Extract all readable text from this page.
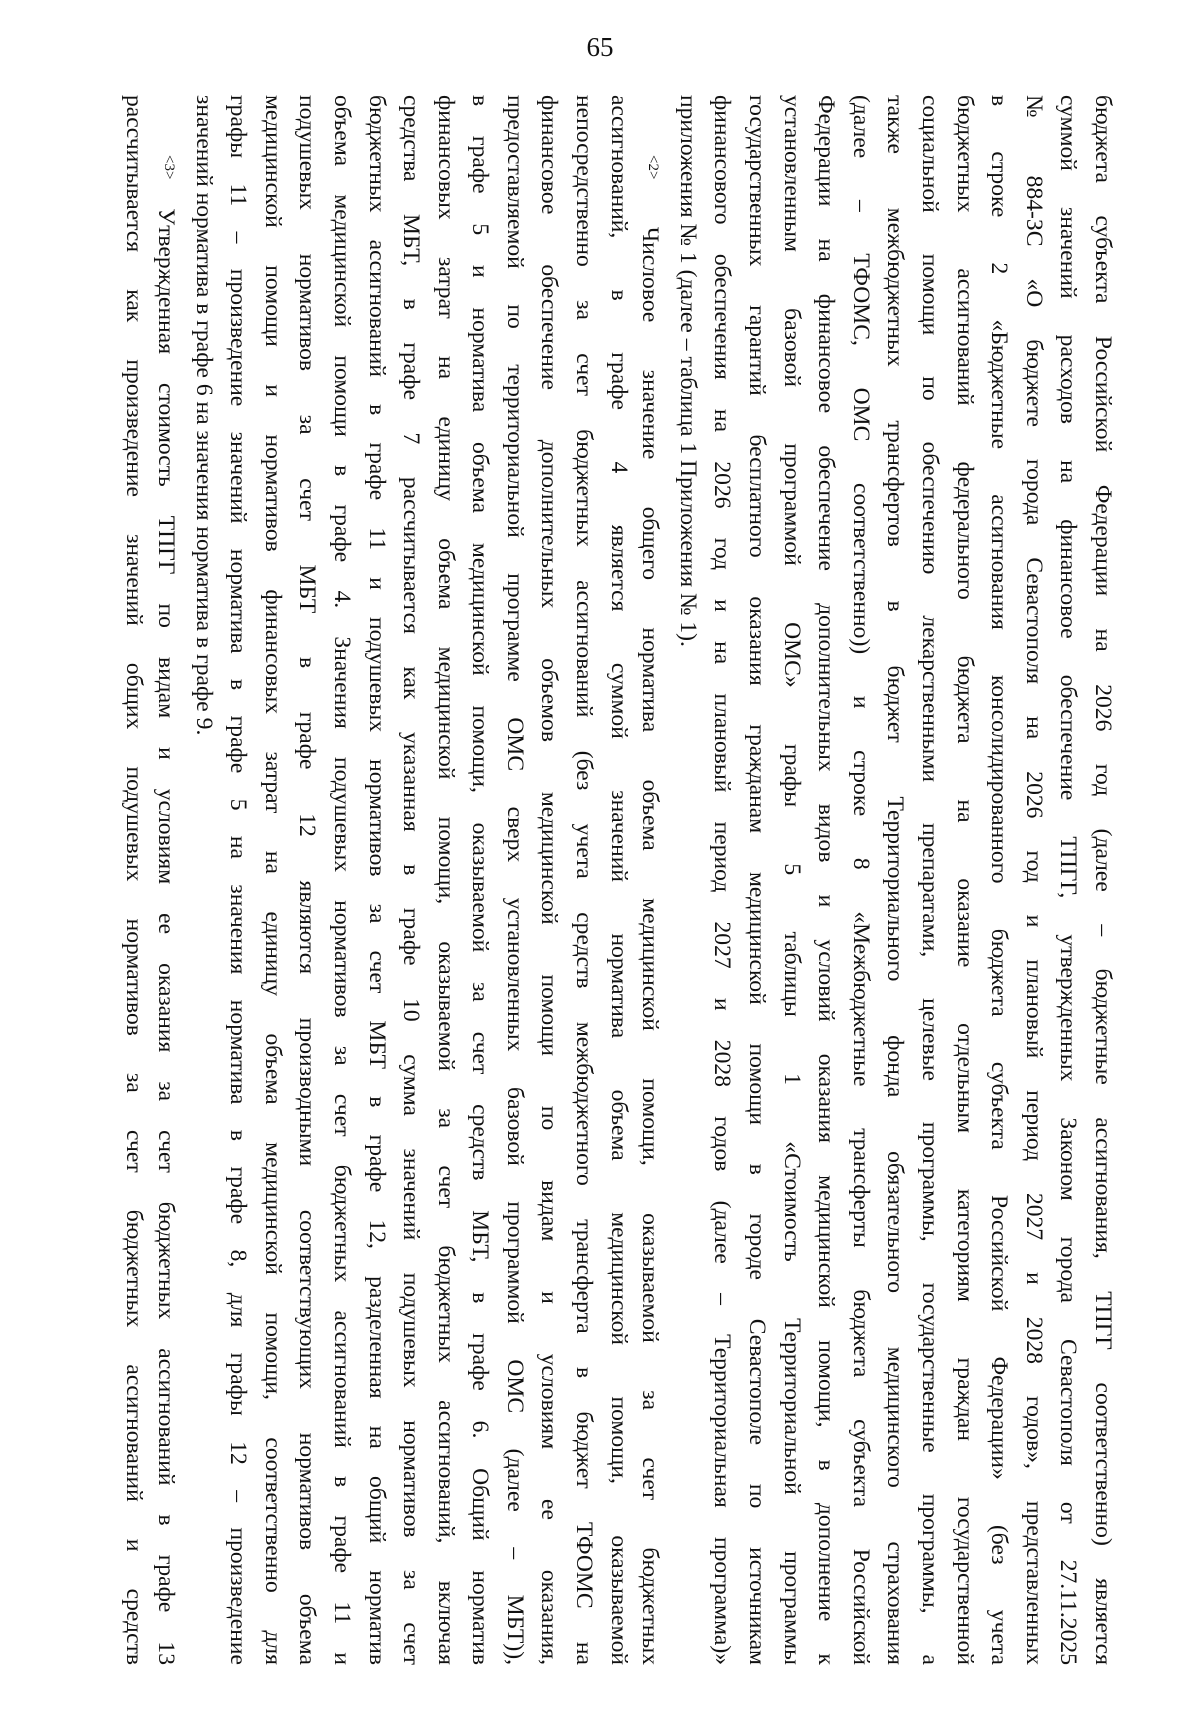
65
бюджета субъекта Российской Федерации на 2026 год (далее – бюджетные ассигнования, ТПГГ соответственно) является
суммой значений расходов на финансовое обеспечение ТПГГ, утвержденных Законом города Севастополя от 27.11.2025
№ 884-ЗС «О бюджете города Севастополя на 2026 год и плановый период 2027 и 2028 годов», представленных
в строке 2 «Бюджетные ассигнования консолидированного бюджета субъекта Российской Федерации» (без учета
бюджетных ассигнований федерального бюджета на оказание отдельным категориям граждан государственной
социальной помощи по обеспечению лекарственными препаратами, целевые программы, государственные программы, а
также межбюджетных трансфертов в бюджет Территориального фонда обязательного медицинского страхования
(далее – ТФОМС, ОМС соответственно)) и строке 8 «Межбюджетные трансферты бюджета субъекта Российской
Федерации на финансовое обеспечение дополнительных видов и условий оказания медицинской помощи, в дополнение к
установленным базовой программой ОМС» графы 5 таблицы 1 «Стоимость Территориальной программы
государственных гарантий бесплатного оказания гражданам медицинской помощи в городе Севастополе по источникам
финансового обеспечения на 2026 год и на плановый период 2027 и 2028 годов (далее – Территориальная программа)»
приложения № 1 (далее – таблица 1 Приложения № 1).
$^{<2>}$ Числовое значение общего норматива объема медицинской помощи, оказываемой за счет бюджетных
ассигнований, в графе 4 является суммой значений норматива объема медицинской помощи, оказываемой
непосредственно за счет бюджетных ассигнований (без учета средств межбюджетного трансферта в бюджет ТФОМС на
финансовое обеспечение дополнительных объемов медицинской помощи по видам и условиям ее оказания,
предоставляемой по территориальной программе ОМС сверх установленных базовой программой ОМС (далее – МБТ)),
в графе 5 и норматива объема медицинской помощи, оказываемой за счет средств МБТ, в графе 6. Общий норматив
финансовых затрат на единицу объема медицинской помощи, оказываемой за счет бюджетных ассигнований, включая
средства МБТ, в графе 7 рассчитывается как указанная в графе 10 сумма значений подушевых нормативов за счет
бюджетных ассигнований в графе 11 и подушевых нормативов за счет МБТ в графе 12, разделенная на общий норматив
объема медицинской помощи в графе 4. Значения подушевых нормативов за счет бюджетных ассигнований в графе 11 и
подушевых нормативов за счет МБТ в графе 12 являются производными соответствующих нормативов объема
медицинской помощи и нормативов финансовых затрат на единицу объема медицинской помощи, соответственно для
графы 11 – произведение значений норматива в графе 5 на значения норматива в графе 8, для графы 12 – произведение
значений норматива в графе 6 на значения норматива в графе 9.
$^{<3>}$ Утвержденная стоимость ТПГГ по видам и условиям ее оказания за счет бюджетных ассигнований в графе 13
рассчитывается как произведение значений общих подушевых нормативов за счет бюджетных ассигнований и средств
